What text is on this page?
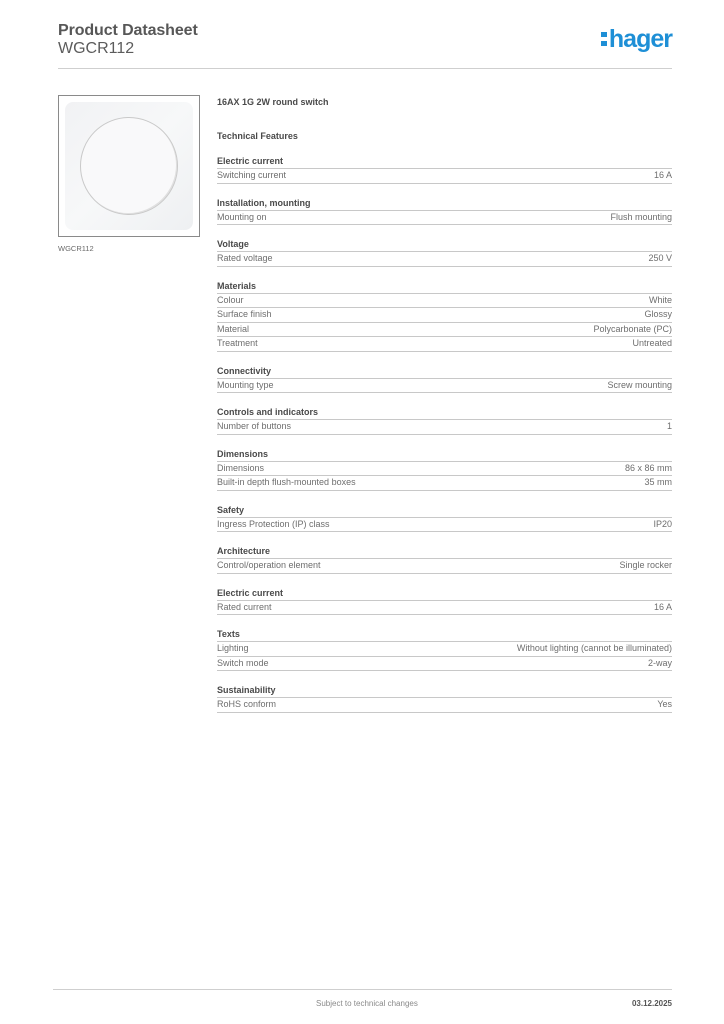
Product Datasheet
WGCR112	hager
WGCR112
16AX 1G 2W round switch
Technical Features
Electric current
Switching current	16 A
Installation, mounting
Mounting on	Flush mounting
Voltage
Rated voltage	250 V
Materials
Colour	White
Surface finish	Glossy
Material	Polycarbonate (PC)
Treatment	Untreated
Connectivity
Mounting type	Screw mounting
Controls and indicators
Number of buttons	1
Dimensions
Dimensions	86 x 86 mm
Built-in depth flush-mounted boxes	35 mm
Safety
Ingress Protection (IP) class	IP20
Architecture
Control/operation element	Single rocker
Electric current
Rated current	16 A
Texts
Lighting	Without lighting (cannot be illuminated)
Switch mode	2-way
Sustainability
RoHS conform	Yes
Subject to technical changes	03.12.2025
